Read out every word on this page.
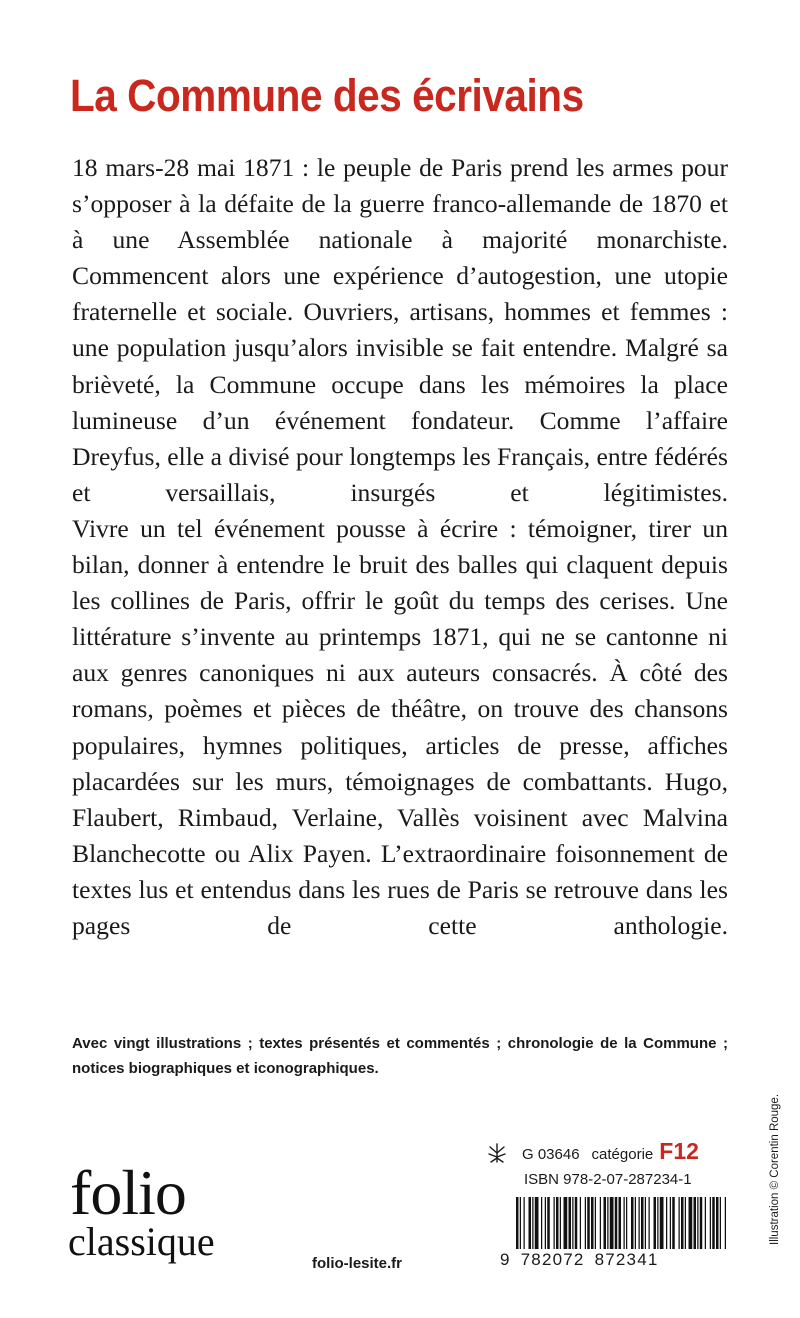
La Commune des écrivains

18 mars-28 mai 1871 : le peuple de Paris prend les armes pour s’opposer à la défaite de la guerre franco-allemande de 1870 et à une Assemblée nationale à majorité monarchiste. Commencent alors une expérience d’autogestion, une utopie fraternelle et sociale. Ouvriers, artisans, hommes et femmes : une population jusqu’alors invisible se fait entendre. Malgré sa brièveté, la Commune occupe dans les mémoires la place lumineuse d’un événement fondateur. Comme l’affaire Dreyfus, elle a divisé pour longtemps les Français, entre fédérés et versaillais, insurgés et légitimistes.

Vivre un tel événement pousse à écrire : témoigner, tirer un bilan, donner à entendre le bruit des balles qui claquent depuis les collines de Paris, offrir le goût du temps des cerises. Une littérature s’invente au printemps 1871, qui ne se cantonne ni aux genres canoniques ni aux auteurs consacrés. À côté des romans, poèmes et pièces de théâtre, on trouve des chansons populaires, hymnes politiques, articles de presse, affiches placardées sur les murs, témoignages de combattants. Hugo, Flaubert, Rimbaud, Verlaine, Vallès voisinent avec Malvina Blanchecotte ou Alix Payen. L’extraordinaire foisonnement de textes lus et entendus dans les rues de Paris se retrouve dans les pages de cette anthologie.

Avec vingt illustrations ; textes présentés et commentés ; chronologie de la Commune ; notices biographiques et iconographiques.
folio
classique	folio-lesite.fr
G 03646 catégorie F12
ISBN 978-2-07-287234-1
9 782072 872341
Illustration © Corentin Rouge.
